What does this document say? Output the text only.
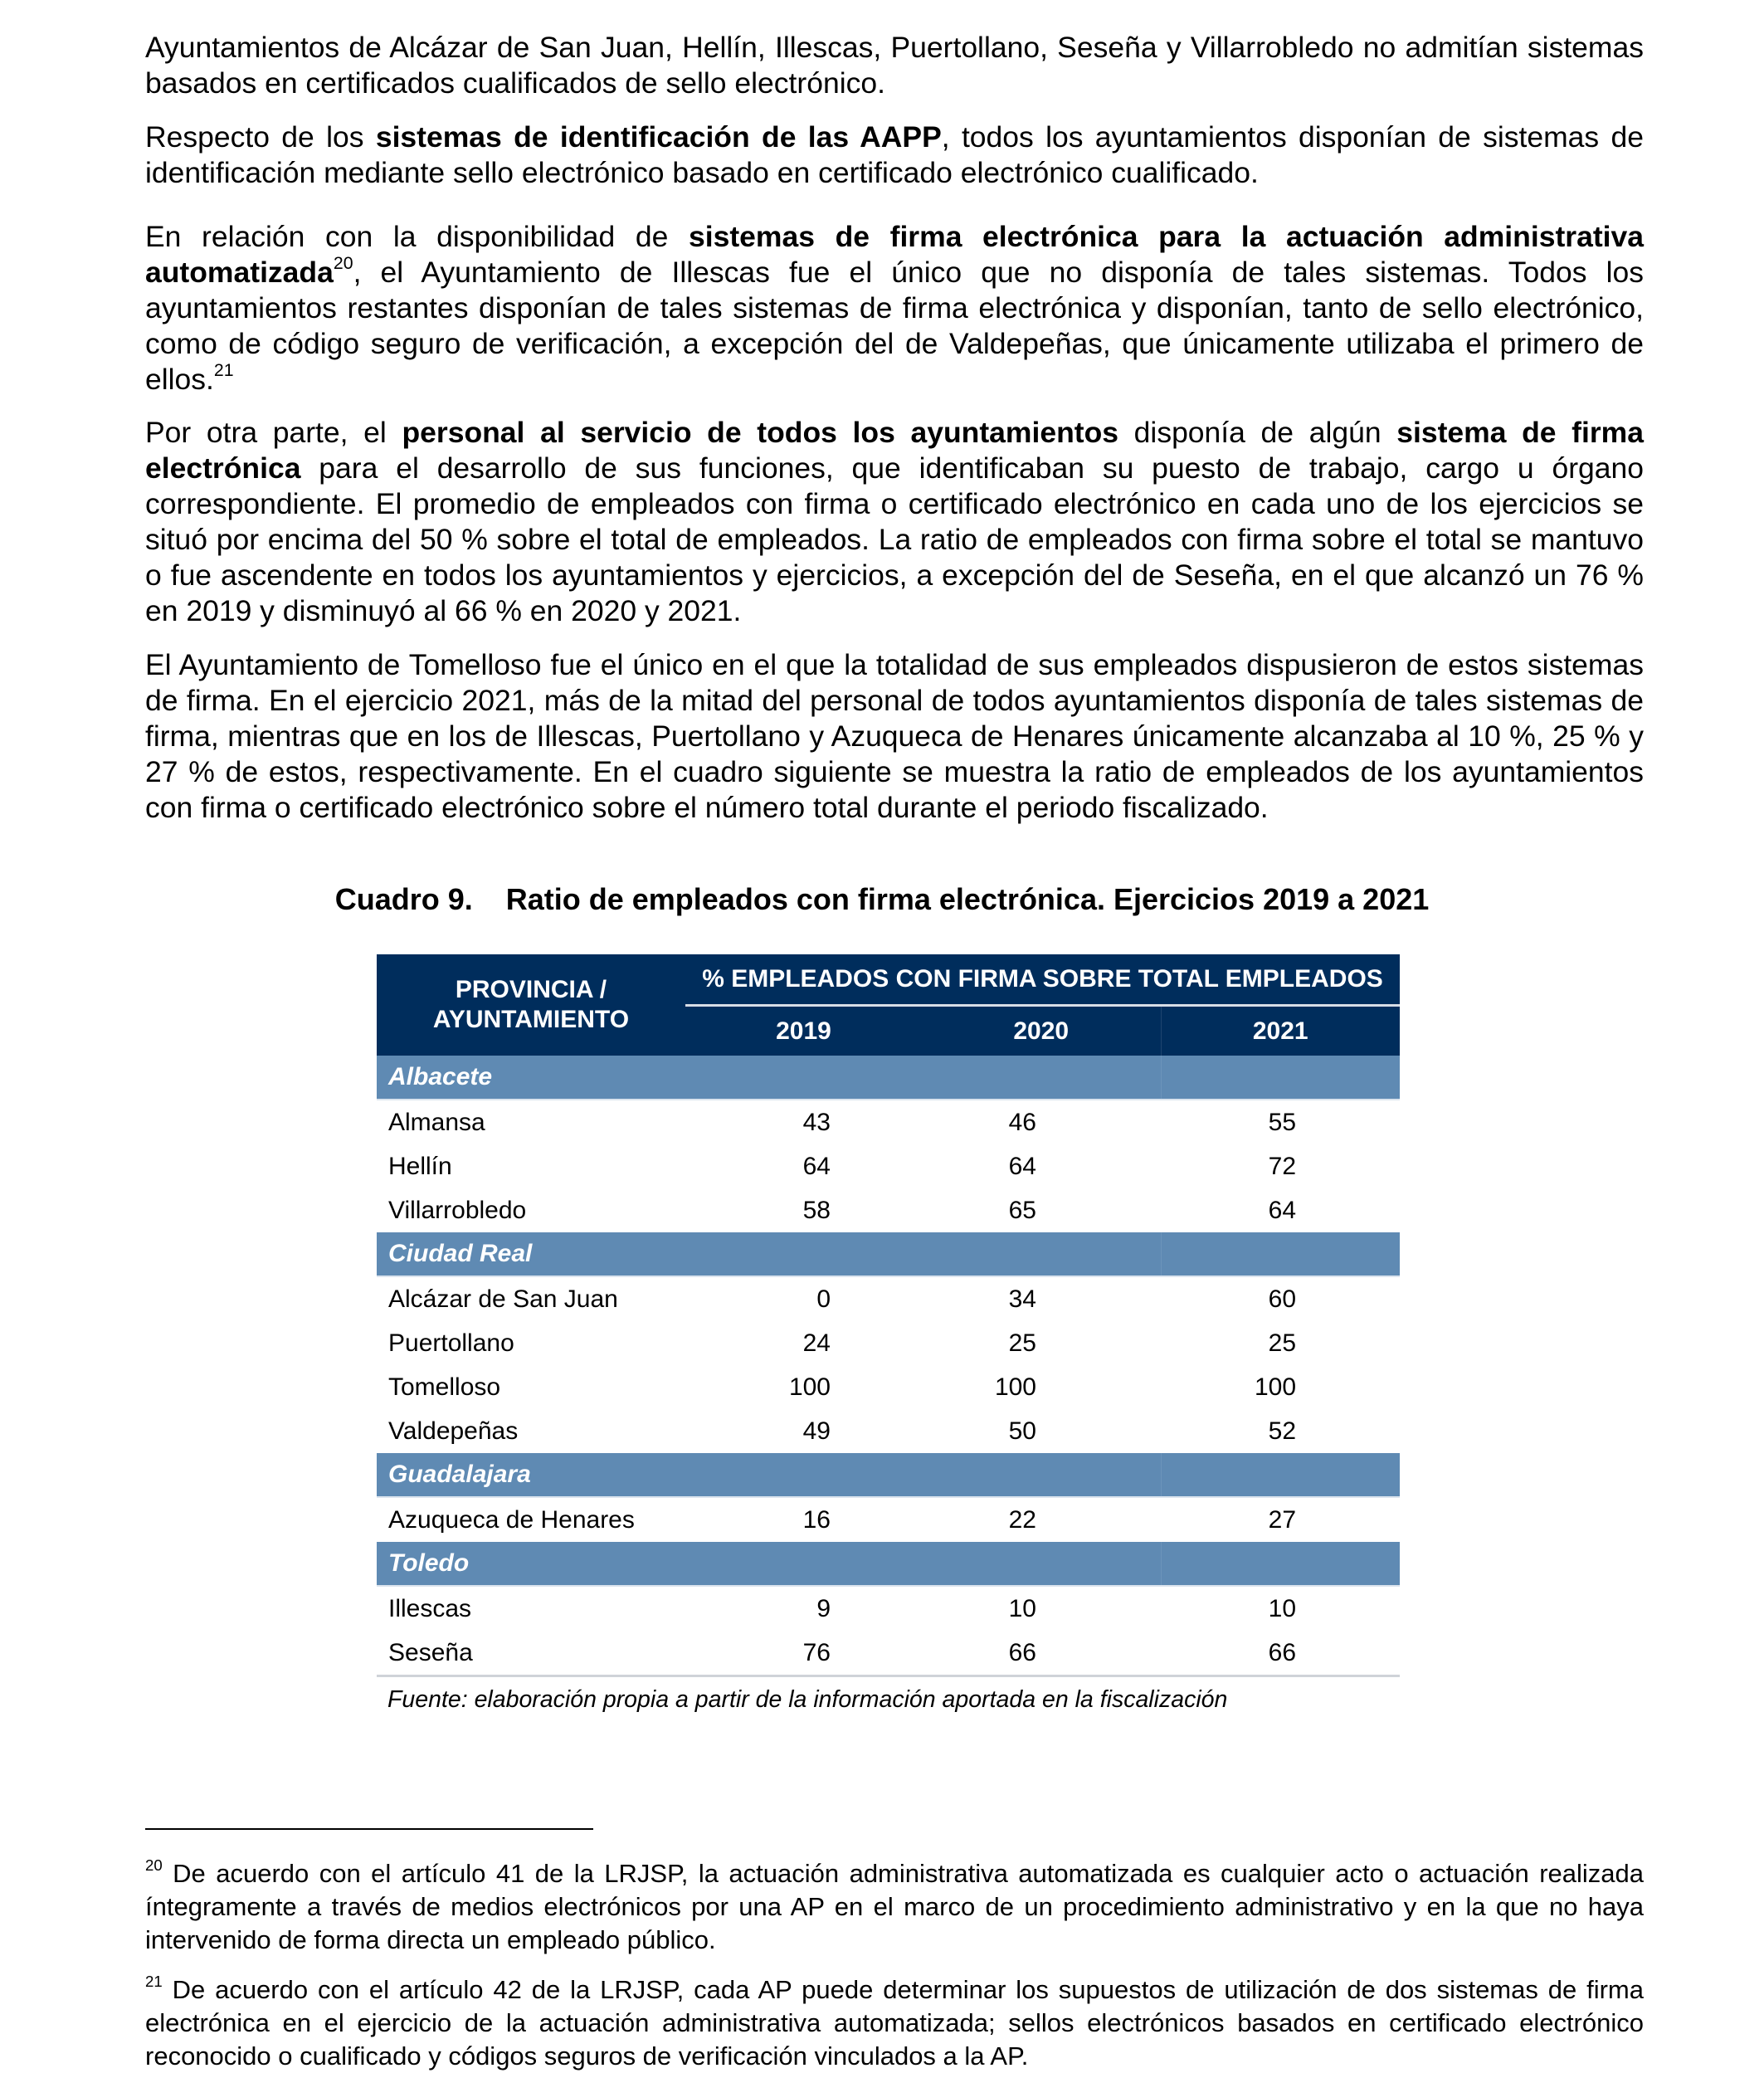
Ayuntamientos de Alcázar de San Juan, Hellín, Illescas, Puertollano, Seseña y Villarrobledo no admitían sistemas basados en certificados cualificados de sello electrónico.

Respecto de los sistemas de identificación de las AAPP, todos los ayuntamientos disponían de sistemas de identificación mediante sello electrónico basado en certificado electrónico cualificado.

En relación con la disponibilidad de sistemas de firma electrónica para la actuación administrativa automatizada$^{20}$, el Ayuntamiento de Illescas fue el único que no disponía de tales sistemas. Todos los ayuntamientos restantes disponían de tales sistemas de firma electrónica y disponían, tanto de sello electrónico, como de código seguro de verificación, a excepción del de Valdepeñas, que únicamente utilizaba el primero de ellos.$^{21}$

Por otra parte, el personal al servicio de todos los ayuntamientos disponía de algún sistema de firma electrónica para el desarrollo de sus funciones, que identificaban su puesto de trabajo, cargo u órgano correspondiente. El promedio de empleados con firma o certificado electrónico en cada uno de los ejercicios se situó por encima del 50 % sobre el total de empleados. La ratio de empleados con firma sobre el total se mantuvo o fue ascendente en todos los ayuntamientos y ejercicios, a excepción del de Seseña, en el que alcanzó un 76 % en 2019 y disminuyó al 66 % en 2020 y 2021.

El Ayuntamiento de Tomelloso fue el único en el que la totalidad de sus empleados dispusieron de estos sistemas de firma. En el ejercicio 2021, más de la mitad del personal de todos ayuntamientos disponía de tales sistemas de firma, mientras que en los de Illescas, Puertollano y Azuqueca de Henares únicamente alcanzaba al 10 %, 25 % y 27 % de estos, respectivamente. En el cuadro siguiente se muestra la ratio de empleados de los ayuntamientos con firma o certificado electrónico sobre el número total durante el periodo fiscalizado.

Cuadro 9. Ratio de empleados con firma electrónica. Ejercicios 2019 a 2021
PROVINCIA /
AYUNTAMIENTO	% EMPLEADOS CON FIRMA SOBRE TOTAL EMPLEADOS		
	2019	2020	2021
Albacete			
Almansa	43	46	55
Hellín	64	64	72
Villarrobledo	58	65	64
Ciudad Real			
Alcázar de San Juan	0	34	60
Puertollano	24	25	25
Tomelloso	100	100	100
Valdepeñas	49	50	52
Guadalajara			
Azuqueca de Henares	16	22	27
Toledo			
Illescas	9	10	10
Seseña	76	66	66
Fuente: elaboración propia a partir de la información aportada en la fiscalización

$^{20}$ De acuerdo con el artículo 41 de la LRJSP, la actuación administrativa automatizada es cualquier acto o actuación realizada íntegramente a través de medios electrónicos por una AP en el marco de un procedimiento administrativo y en la que no haya intervenido de forma directa un empleado público.

$^{21}$ De acuerdo con el artículo 42 de la LRJSP, cada AP puede determinar los supuestos de utilización de dos sistemas de firma electrónica en el ejercicio de la actuación administrativa automatizada; sellos electrónicos basados en certificado electrónico reconocido o cualificado y códigos seguros de verificación vinculados a la AP.
